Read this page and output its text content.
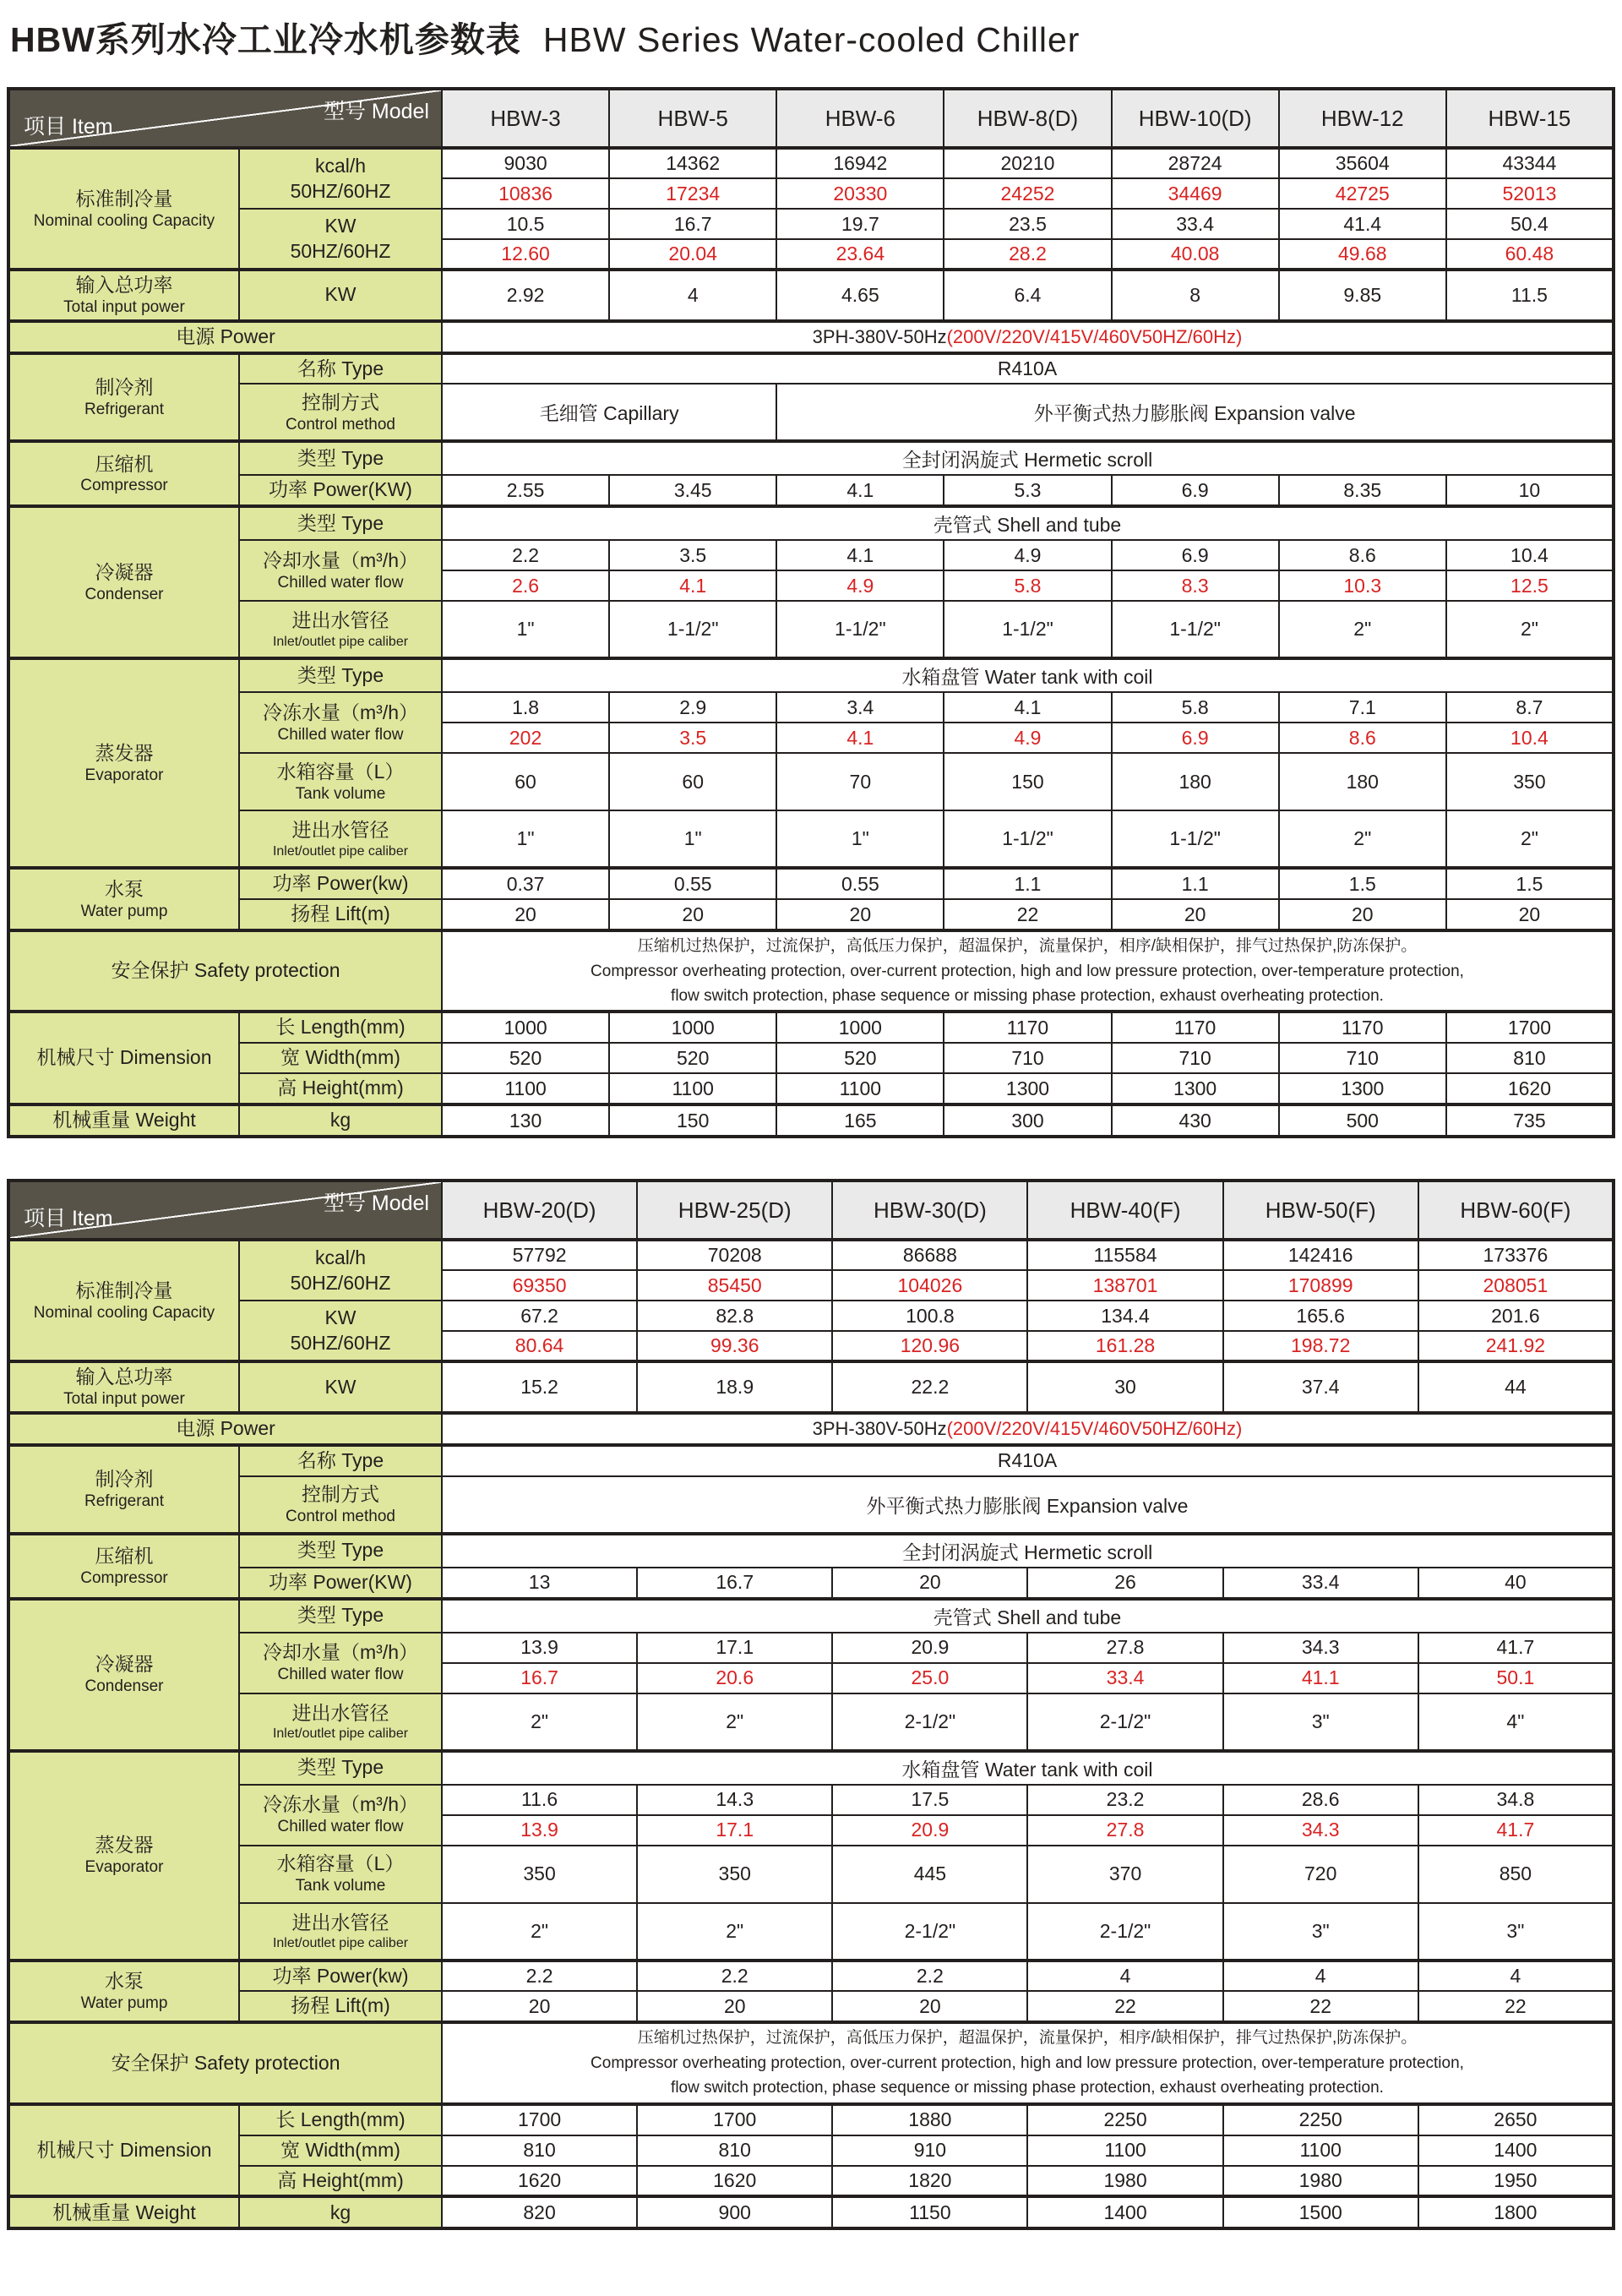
HBW系列水冷工业冷水机参数表 HBW Series Water-cooled Chiller
型号 Model
项目 Item		HBW-3	HBW-5	HBW-6	HBW-8(D)	HBW-10(D)	HBW-12	HBW-15

标准制冷量
Nominal cooling Capacity	kcal/h
50HZ/60HZ	9030	14362	16942	20210	28724	35604	43344
		10836	17234	20330	24252	34469	42725	52013

	KW
50HZ/60HZ	10.5	16.7	19.7	23.5	33.4	41.4	50.4
		12.60	20.04	23.64	28.2	40.08	49.68	60.48

输入总功率
Total input power	KW	2.92	4	4.65	6.4	8	9.85	11.5

电源 Power		3PH-380V-50Hz(200V/220V/415V/460V50HZ/60Hz)						

制冷剂
Refrigerant	名称 Type	R410A						

	控制方式
Control method	毛细管 Capillary		外平衡式热力膨胀阀 Expansion valve				

压缩机
Compressor	类型 Type	全封闭涡旋式 Hermetic scroll						

	功率 Power(KW)	2.55	3.45	4.1	5.3	6.9	8.35	10

冷凝器
Condenser	类型 Type	壳管式 Shell and tube						

	冷却水量（m³/h）
Chilled water flow	2.2	3.5	4.1	4.9	6.9	8.6	10.4
		2.6	4.1	4.9	5.8	8.3	10.3	12.5

	进出水管径
Inlet/outlet pipe caliber	1"	1-1/2"	1-1/2"	1-1/2"	1-1/2"	2"	2"

蒸发器
Evaporator	类型 Type	水箱盘管 Water tank with coil						

	冷冻水量（m³/h）
Chilled water flow	1.8	2.9	3.4	4.1	5.8	7.1	8.7
		202	3.5	4.1	4.9	6.9	8.6	10.4

	水箱容量（L）
Tank volume	60	60	70	150	180	180	350

	进出水管径
Inlet/outlet pipe caliber	1"	1"	1"	1-1/2"	1-1/2"	2"	2"

水泵
Water pump	功率 Power(kw)	0.37	0.55	0.55	1.1	1.1	1.5	1.5

	扬程 Lift(m)	20	20	20	22	20	20	20

安全保护 Safety protection		压缩机过热保护，过流保护，高低压力保护，超温保护，流量保护，相序/缺相保护，排气过热保护,防冻保护。
Compressor overheating protection, over-current protection, high and low pressure protection, over-temperature protection,
flow switch protection, phase sequence or missing phase protection, exhaust overheating protection.						

机械尺寸 Dimension	长 Length(mm)	1000	1000	1000	1170	1170	1170	1700

	宽 Width(mm)	520	520	520	710	710	710	810

	高 Height(mm)	1100	1100	1100	1300	1300	1300	1620

机械重量 Weight	kg	130	150	165	300	430	500	735
型号 Model
项目 Item		HBW-20(D)	HBW-25(D)	HBW-30(D)	HBW-40(F)	HBW-50(F)	HBW-60(F)

标准制冷量
Nominal cooling Capacity	kcal/h
50HZ/60HZ	57792	70208	86688	115584	142416	173376
		69350	85450	104026	138701	170899	208051

	KW
50HZ/60HZ	67.2	82.8	100.8	134.4	165.6	201.6
		80.64	99.36	120.96	161.28	198.72	241.92

输入总功率
Total input power	KW	15.2	18.9	22.2	30	37.4	44

电源 Power		3PH-380V-50Hz(200V/220V/415V/460V50HZ/60Hz)					

制冷剂
Refrigerant	名称 Type	R410A					

	控制方式
Control method	外平衡式热力膨胀阀 Expansion valve					

压缩机
Compressor	类型 Type	全封闭涡旋式 Hermetic scroll					

	功率 Power(KW)	13	16.7	20	26	33.4	40

冷凝器
Condenser	类型 Type	壳管式 Shell and tube					

	冷却水量（m³/h）
Chilled water flow	13.9	17.1	20.9	27.8	34.3	41.7
		16.7	20.6	25.0	33.4	41.1	50.1

	进出水管径
Inlet/outlet pipe caliber	2"	2"	2-1/2"	2-1/2"	3"	4"

蒸发器
Evaporator	类型 Type	水箱盘管 Water tank with coil					

	冷冻水量（m³/h）
Chilled water flow	11.6	14.3	17.5	23.2	28.6	34.8
		13.9	17.1	20.9	27.8	34.3	41.7

	水箱容量（L）
Tank volume	350	350	445	370	720	850

	进出水管径
Inlet/outlet pipe caliber	2"	2"	2-1/2"	2-1/2"	3"	3"

水泵
Water pump	功率 Power(kw)	2.2	2.2	2.2	4	4	4

	扬程 Lift(m)	20	20	20	22	22	22

安全保护 Safety protection		压缩机过热保护，过流保护，高低压力保护，超温保护，流量保护，相序/缺相保护，排气过热保护,防冻保护。
Compressor overheating protection, over-current protection, high and low pressure protection, over-temperature protection,
flow switch protection, phase sequence or missing phase protection, exhaust overheating protection.					

机械尺寸 Dimension	长 Length(mm)	1700	1700	1880	2250	2250	2650

	宽 Width(mm)	810	810	910	1100	1100	1400

	高 Height(mm)	1620	1620	1820	1980	1980	1950

机械重量 Weight	kg	820	900	1150	1400	1500	1800
